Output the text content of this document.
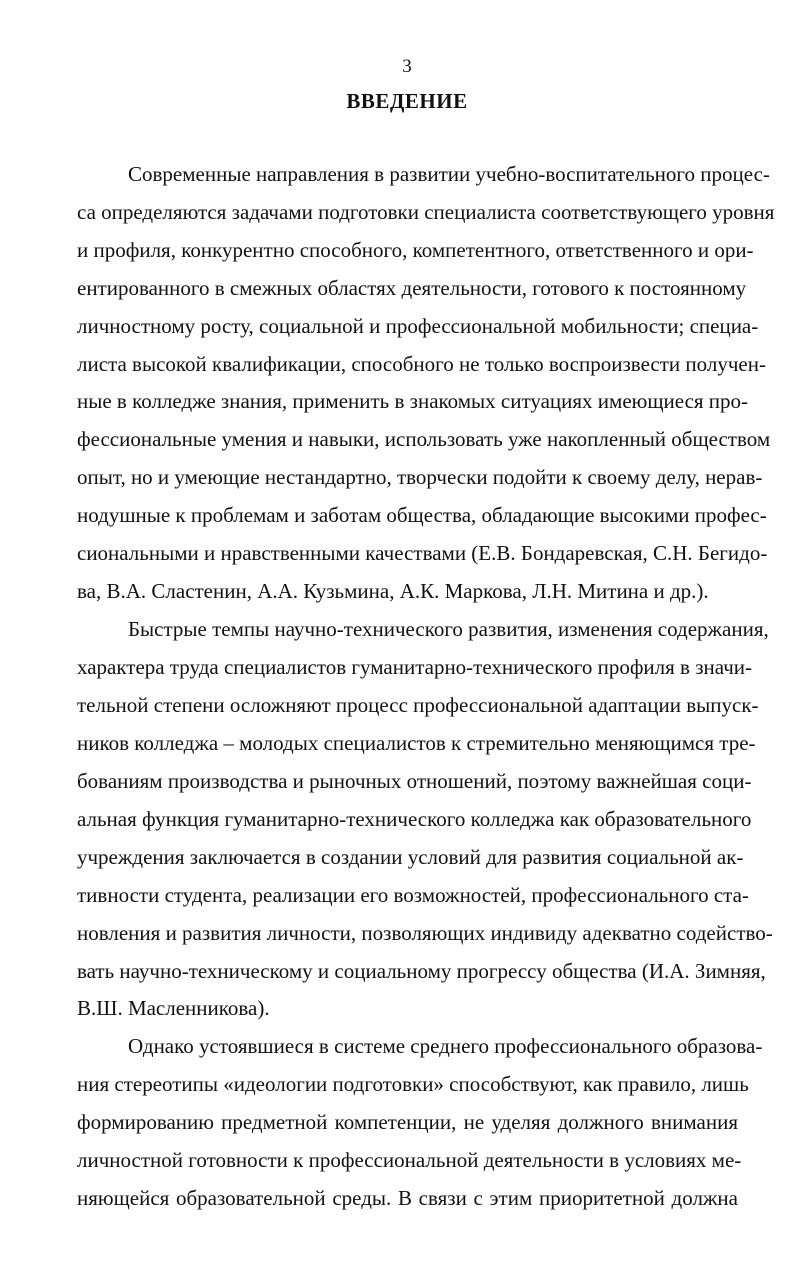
3
ВВЕДЕНИЕ
Современные направления в развитии учебно-воспитательного процес-
са определяются задачами подготовки специалиста соответствующего уровня
и профиля, конкурентно способного, компетентного, ответственного и ори-
ентированного в смежных областях деятельности, готового к постоянному
личностному росту, социальной и профессиональной мобильности; специа-
листа высокой квалификации, способного не только воспроизвести получен-
ные в колледже знания, применить в знакомых ситуациях имеющиеся про-
фессиональные умения и навыки, использовать уже накопленный обществом
опыт, но и умеющие нестандартно, творчески подойти к своему делу, нерав-
нодушные к проблемам и заботам общества, обладающие высокими профес-
сиональными и нравственными качествами (Е.В. Бондаревская, С.Н. Бегидо-
ва, В.А. Сластенин, А.А. Кузьмина, А.К. Маркова, Л.Н. Митина и др.).
Быстрые темпы научно-технического развития, изменения содержания,
характера труда специалистов гуманитарно-технического профиля в значи-
тельной степени осложняют процесс профессиональной адаптации выпуск-
ников колледжа – молодых специалистов к стремительно меняющимся тре-
бованиям производства и рыночных отношений, поэтому важнейшая соци-
альная функция гуманитарно-технического колледжа как образовательного
учреждения заключается в создании условий для развития социальной ак-
тивности студента, реализации его возможностей, профессионального ста-
новления и развития личности, позволяющих индивиду адекватно содейство-
вать научно-техническому и социальному прогрессу общества (И.А. Зимняя,
В.Ш. Масленникова).
Однако устоявшиеся в системе среднего профессионального образова-
ния стереотипы «идеологии подготовки» способствуют, как правило, лишь
формированию предметной компетенции, не уделяя должного внимания
личностной готовности к профессиональной деятельности в условиях ме-
няющейся образовательной среды. В связи с этим приоритетной должна
